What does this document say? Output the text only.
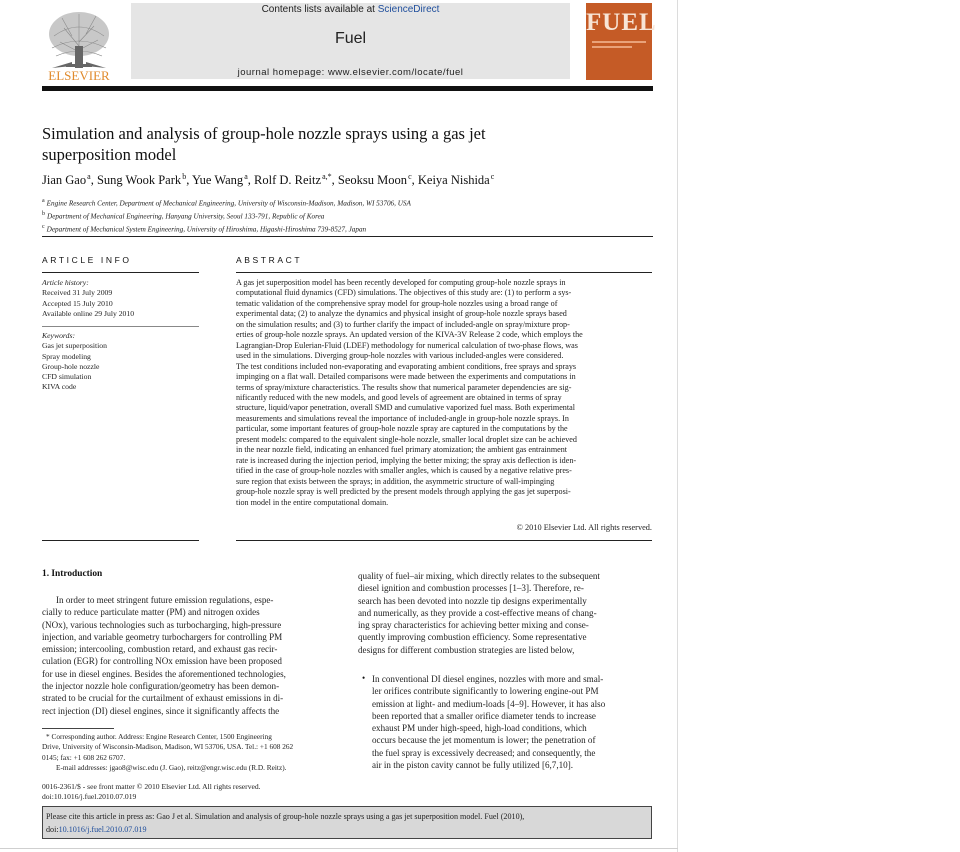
ELSEVIER
Contents lists available at ScienceDirect
Fuel
journal homepage: www.elsevier.com/locate/fuel
FUEL
Simulation and analysis of group-hole nozzle sprays using a gas jet
superposition model
Jian Gao $^a$, Sung Wook Park $^b$, Yue Wang $^a$, Rolf D. Reitz $^{a,*}$, Seoksu Moon $^c$, Keiya Nishida $^c$
$^a$ Engine Research Center, Department of Mechanical Engineering, University of Wisconsin-Madison, Madison, WI 53706, USA
$^b$ Department of Mechanical Engineering, Hanyang University, Seoul 133-791, Republic of Korea
$^c$ Department of Mechanical System Engineering, University of Hiroshima, Higashi-Hiroshima 739-8527, Japan
ARTICLE INFO
Article history:
Received 31 July 2009
Accepted 15 July 2010
Available online 29 July 2010
Keywords:
Gas jet superposition
Spray modeling
Group-hole nozzle
CFD simulation
KIVA code
ABSTRACT
A gas jet superposition model has been recently developed for computing group-hole nozzle sprays in
computational fluid dynamics (CFD) simulations. The objectives of this study are: (1) to perform a sys-
tematic validation of the comprehensive spray model for group-hole nozzles using a broad range of
experimental data; (2) to analyze the dynamics and physical insight of group-hole nozzle sprays based
on the simulation results; and (3) to further clarify the impact of included-angle on spray/mixture prop-
erties of group-hole nozzle sprays. An updated version of the KIVA-3V Release 2 code, which employs the
Lagrangian-Drop Eulerian-Fluid (LDEF) methodology for numerical calculation of two-phase flows, was
used in the simulations. Diverging group-hole nozzles with various included-angles were considered.
The test conditions included non-evaporating and evaporating ambient conditions, free sprays and sprays
impinging on a flat wall. Detailed comparisons were made between the experiments and computations in
terms of spray/mixture characteristics. The results show that numerical parameter dependencies are sig-
nificantly reduced with the new models, and good levels of agreement are obtained in terms of spray
structure, liquid/vapor penetration, overall SMD and cumulative vaporized fuel mass. Both experimental
measurements and simulations reveal the importance of included-angle in group-hole nozzle sprays. In
particular, some important features of group-hole nozzle spray are captured in the computations by the
present models: compared to the equivalent single-hole nozzle, smaller local droplet size can be achieved
in the near nozzle field, indicating an enhanced fuel primary atomization; the ambient gas entrainment
rate is increased during the injection period, implying the better mixing; the spray axis deflection is iden-
tified in the case of group-hole nozzles with smaller angles, which is caused by a negative relative pres-
sure region that exists between the sprays; in addition, the asymmetric structure of wall-impinging
group-hole nozzle spray is well predicted by the present models through applying the gas jet superposi-
tion model in the entire computational domain.
© 2010 Elsevier Ltd. All rights reserved.
1. Introduction
In order to meet stringent future emission regulations, espe-
cially to reduce particulate matter (PM) and nitrogen oxides
(NOx), various technologies such as turbocharging, high-pressure
injection, and variable geometry turbochargers for controlling PM
emission; intercooling, combustion retard, and exhaust gas recir-
culation (EGR) for controlling NOx emission have been proposed
for use in diesel engines. Besides the aforementioned technologies,
the injector nozzle hole configuration/geometry has been demon-
strated to be crucial for the curtailment of exhaust emissions in di-
rect injection (DI) diesel engines, since it significantly affects the
quality of fuel–air mixing, which directly relates to the subsequent
diesel ignition and combustion processes [1–3]. Therefore, re-
search has been devoted into nozzle tip designs experimentally
and numerically, as they provide a cost-effective means of chang-
ing spray characteristics for achieving better mixing and conse-
quently improving combustion efficiency. Some representative
designs for different combustion strategies are listed below,
• In conventional DI diesel engines, nozzles with more and smal-
ler orifices contribute significantly to lowering engine-out PM
emission at light- and medium-loads [4–9]. However, it has also
been reported that a smaller orifice diameter tends to increase
exhaust PM under high-speed, high-load conditions, which
occurs because the jet momentum is lower; the penetration of
the fuel spray is excessively decreased; and consequently, the
air in the piston cavity cannot be fully utilized [6,7,10].
* Corresponding author. Address: Engine Research Center, 1500 Engineering
Drive, University of Wisconsin-Madison, Madison, WI 53706, USA. Tel.: +1 608 262
0145; fax: +1 608 262 6707.
E-mail addresses: jgao8@wisc.edu (J. Gao), reitz@engr.wisc.edu (R.D. Reitz).
0016-2361/$ - see front matter © 2010 Elsevier Ltd. All rights reserved.
doi:10.1016/j.fuel.2010.07.019
Please cite this article in press as: Gao J et al. Simulation and analysis of group-hole nozzle sprays using a gas jet superposition model. Fuel (2010),
doi:10.1016/j.fuel.2010.07.019
